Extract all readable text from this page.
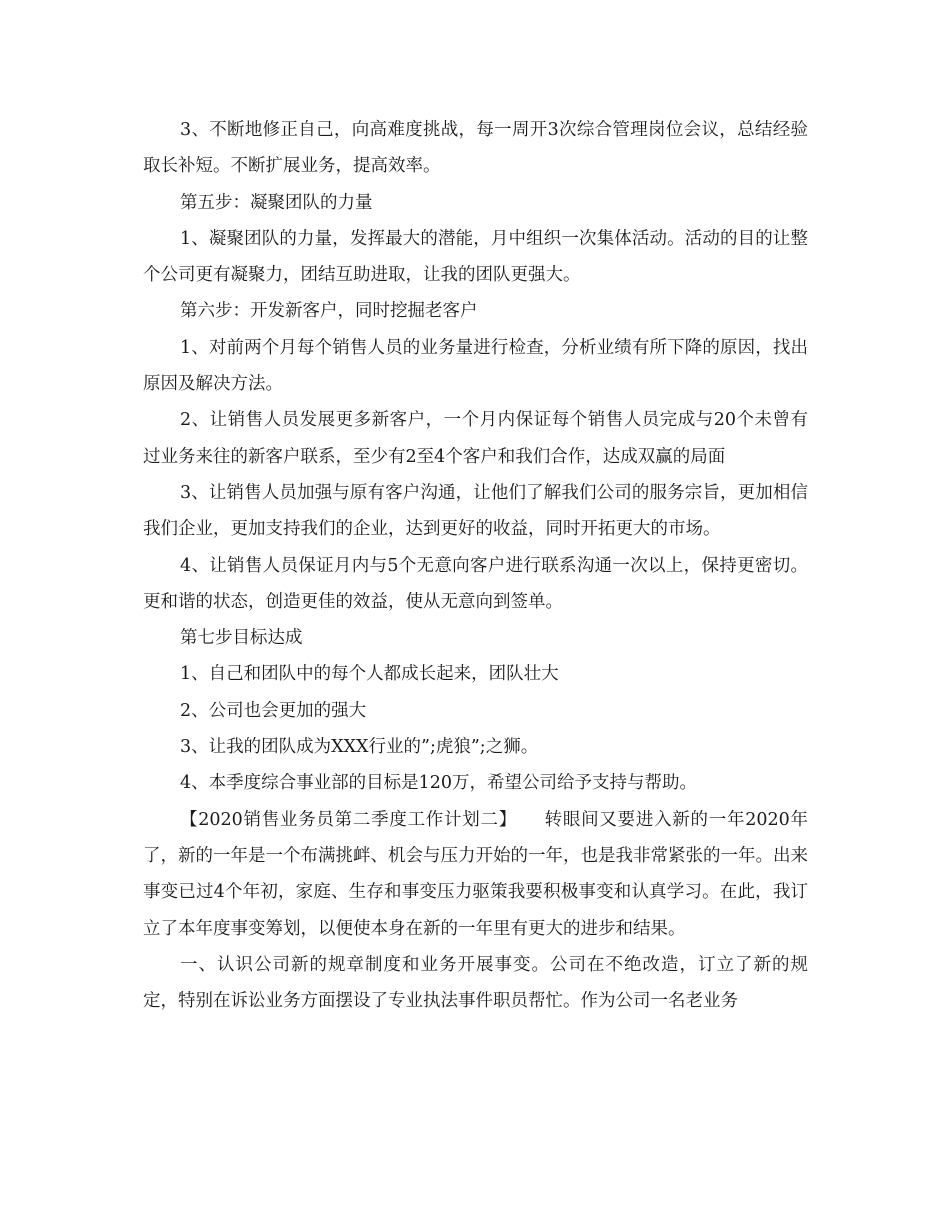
3、不断地修正自己，向高难度挑战，每一周开3次综合管理岗位会议，总结经验取长补短。不断扩展业务，提高效率。

第五步：凝聚团队的力量

1、凝聚团队的力量，发挥最大的潜能，月中组织一次集体活动。活动的目的让整个公司更有凝聚力，团结互助进取，让我的团队更强大。

第六步：开发新客户，同时挖掘老客户

1、对前两个月每个销售人员的业务量进行检查，分析业绩有所下降的原因，找出原因及解决方法。

2、让销售人员发展更多新客户，一个月内保证每个销售人员完成与20个未曾有过业务来往的新客户联系，至少有2至4个客户和我们合作，达成双赢的局面

3、让销售人员加强与原有客户沟通，让他们了解我们公司的服务宗旨，更加相信我们企业，更加支持我们的企业，达到更好的收益，同时开拓更大的市场。

4、让销售人员保证月内与5个无意向客户进行联系沟通一次以上，保持更密切。更和谐的状态，创造更佳的效益，使从无意向到签单。

第七步目标达成

1、自己和团队中的每个人都成长起来，团队壮大

2、公司也会更加的强大

3、让我的团队成为XXX行业的”;虎狼”;之狮。

4、本季度综合事业部的目标是120万，希望公司给予支持与帮助。

【2020销售业务员第二季度工作计划二】　　转眼间又要进入新的一年2020年了，新的一年是一个布满挑衅、机会与压力开始的一年，也是我非常紧张的一年。出来事变已过4个年初，家庭、生存和事变压力驱策我要积极事变和认真学习。在此，我订立了本年度事变筹划，以便使本身在新的一年里有更大的进步和结果。

一、认识公司新的规章制度和业务开展事变。公司在不绝改造，订立了新的规定，特别在诉讼业务方面摆设了专业执法事件职员帮忙。作为公司一名老业务
